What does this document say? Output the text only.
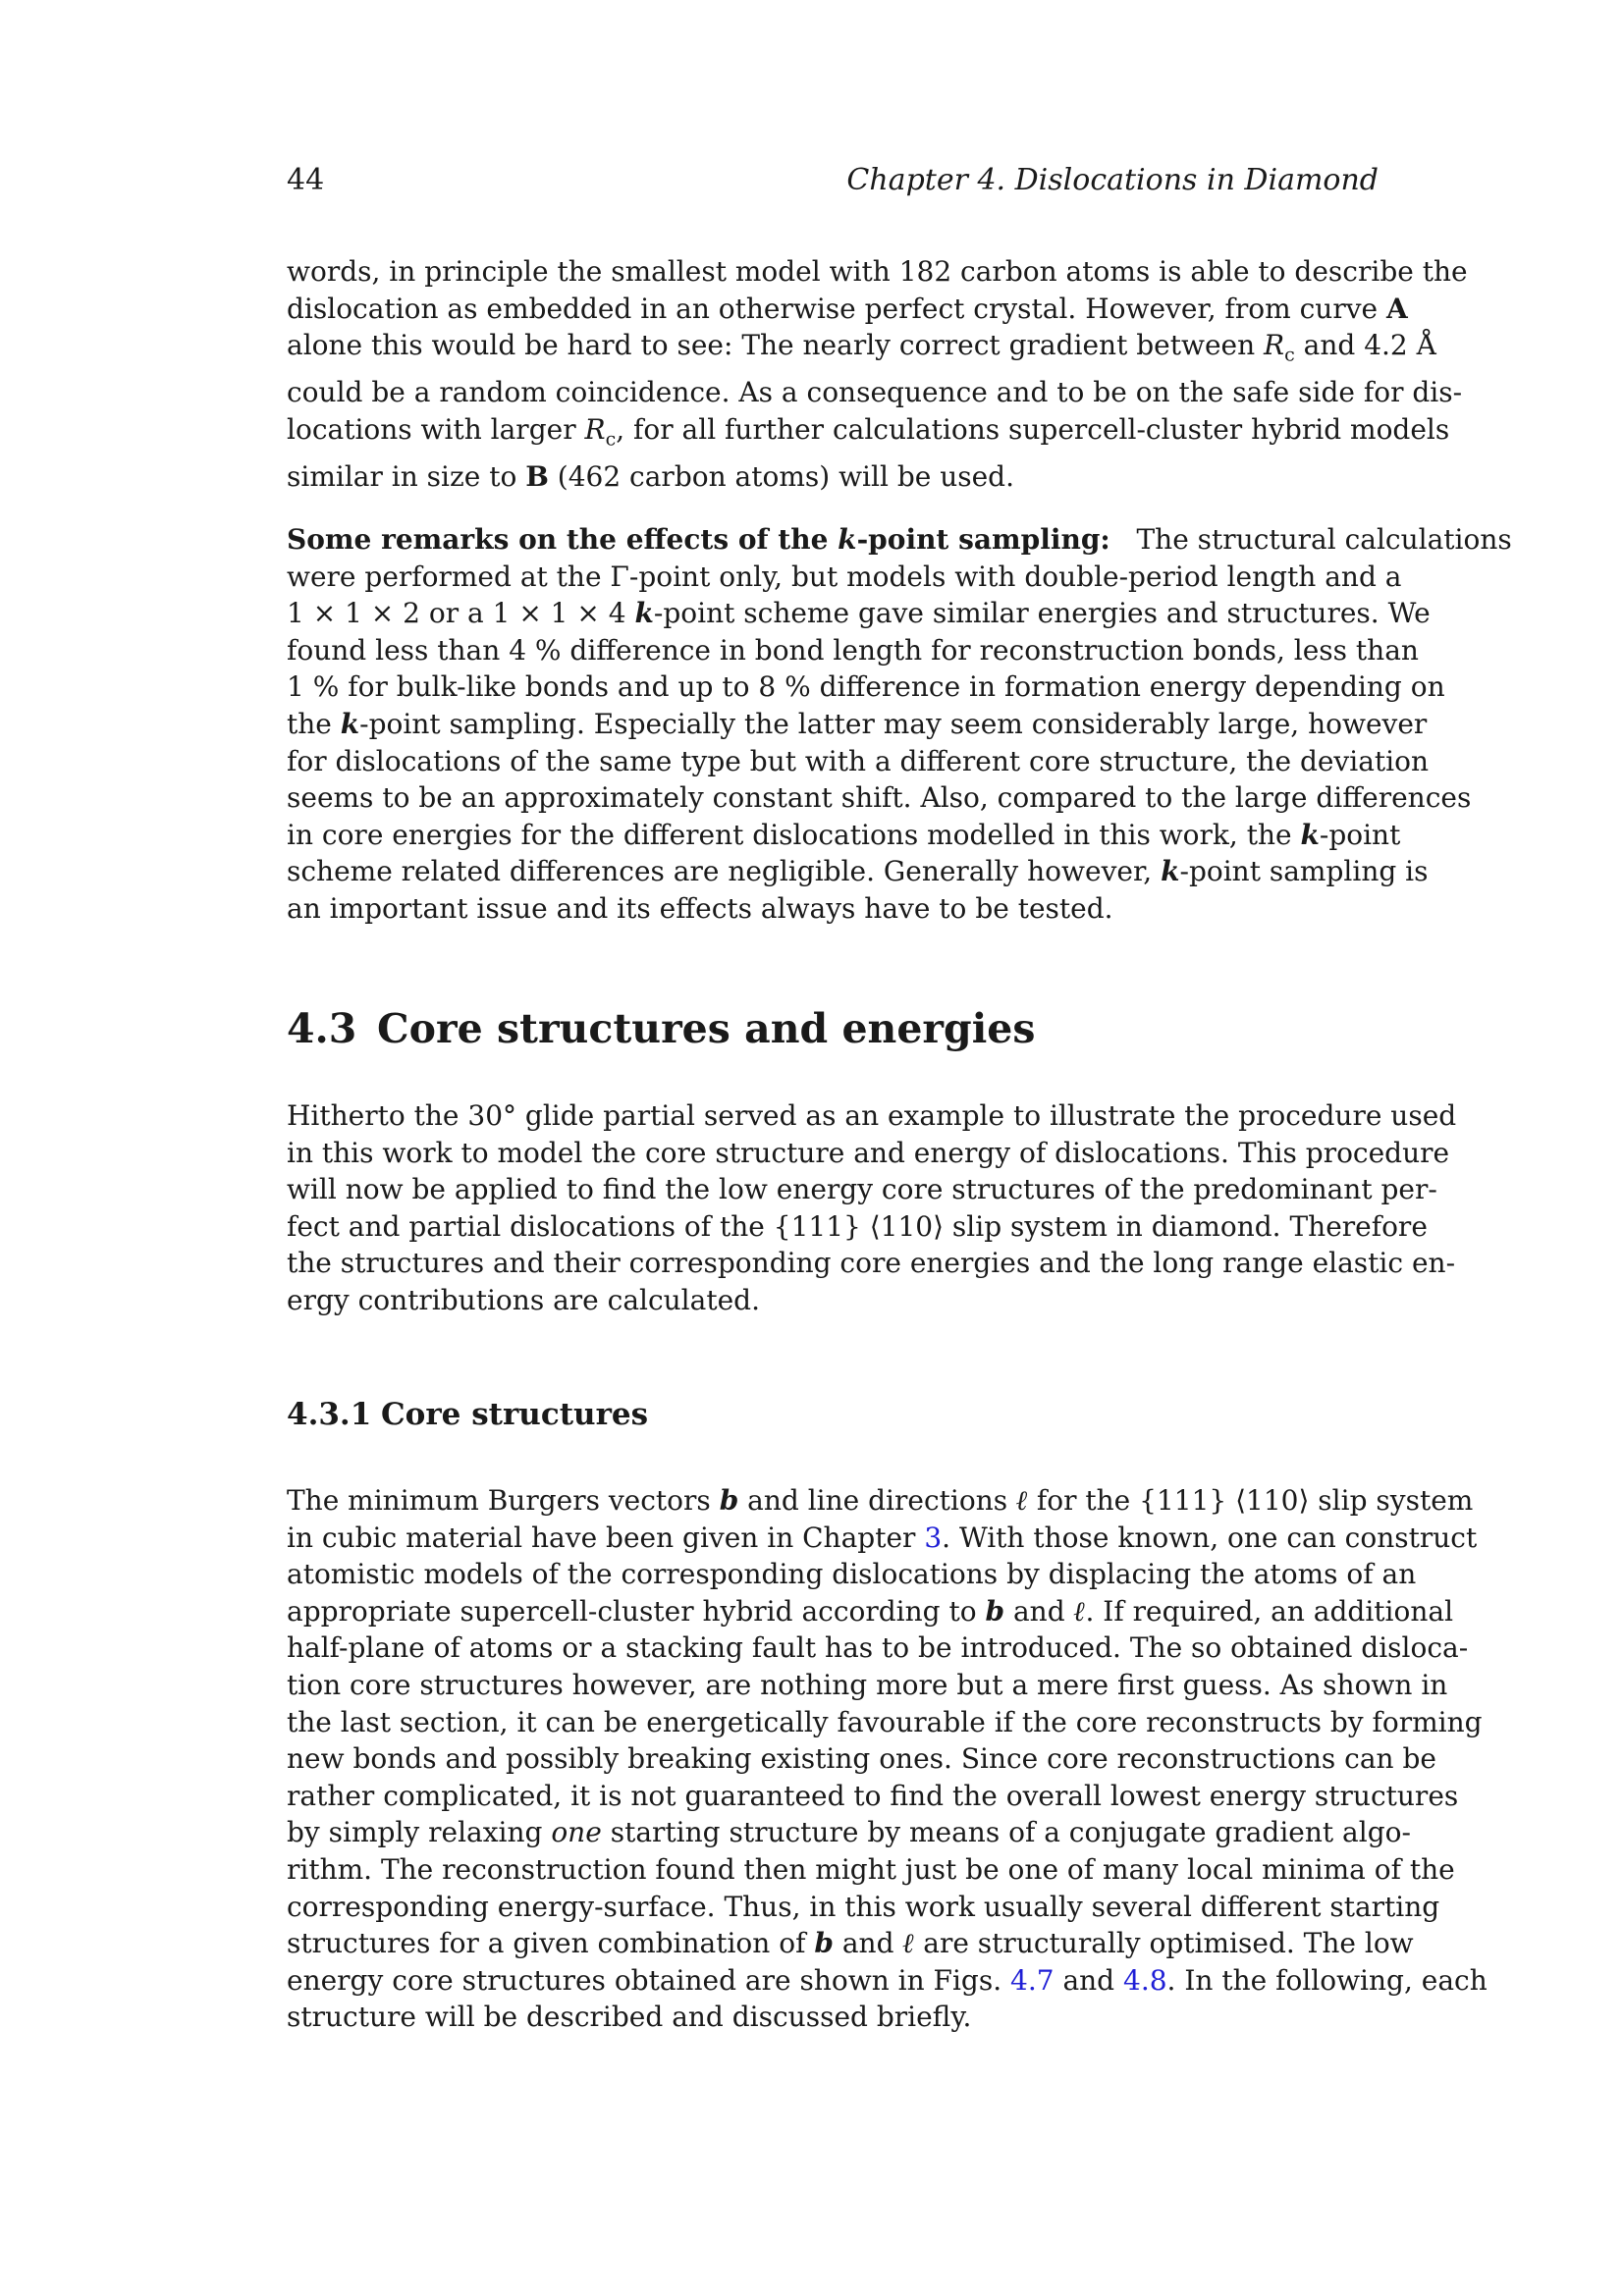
44	Chapter 4. Dislocations in Diamond

words, in principle the smallest model with 182 carbon atoms is able to describe the
dislocation as embedded in an otherwise perfect crystal. However, from curve A
alone this would be hard to see: The nearly correct gradient between $R_c$ and 4.2 Å
could be a random coincidence. As a consequence and to be on the safe side for dis-
locations with larger $R_c$, for all further calculations supercell-cluster hybrid models
similar in size to B (462 carbon atoms) will be used.

Some remarks on the effects of the k-point sampling: The structural calculations
were performed at the Γ-point only, but models with double-period length and a
1 × 1 × 2 or a 1 × 1 × 4 k-point scheme gave similar energies and structures. We
found less than 4 % difference in bond length for reconstruction bonds, less than
1 % for bulk-like bonds and up to 8 % difference in formation energy depending on
the k-point sampling. Especially the latter may seem considerably large, however
for dislocations of the same type but with a different core structure, the deviation
seems to be an approximately constant shift. Also, compared to the large differences
in core energies for the different dislocations modelled in this work, the k-point
scheme related differences are negligible. Generally however, k-point sampling is
an important issue and its effects always have to be tested.

4.3 Core structures and energies

Hitherto the 30° glide partial served as an example to illustrate the procedure used
in this work to model the core structure and energy of dislocations. This procedure
will now be applied to find the low energy core structures of the predominant per-
fect and partial dislocations of the {111} ⟨110⟩ slip system in diamond. Therefore
the structures and their corresponding core energies and the long range elastic en-
ergy contributions are calculated.

4.3.1 Core structures

The minimum Burgers vectors b and line directions ℓ for the {111} ⟨110⟩ slip system
in cubic material have been given in Chapter 3. With those known, one can construct
atomistic models of the corresponding dislocations by displacing the atoms of an
appropriate supercell-cluster hybrid according to b and ℓ. If required, an additional
half-plane of atoms or a stacking fault has to be introduced. The so obtained disloca-
tion core structures however, are nothing more but a mere first guess. As shown in
the last section, it can be energetically favourable if the core reconstructs by forming
new bonds and possibly breaking existing ones. Since core reconstructions can be
rather complicated, it is not guaranteed to find the overall lowest energy structures
by simply relaxing one starting structure by means of a conjugate gradient algo-
rithm. The reconstruction found then might just be one of many local minima of the
corresponding energy-surface. Thus, in this work usually several different starting
structures for a given combination of b and ℓ are structurally optimised. The low
energy core structures obtained are shown in Figs. 4.7 and 4.8. In the following, each
structure will be described and discussed briefly.
